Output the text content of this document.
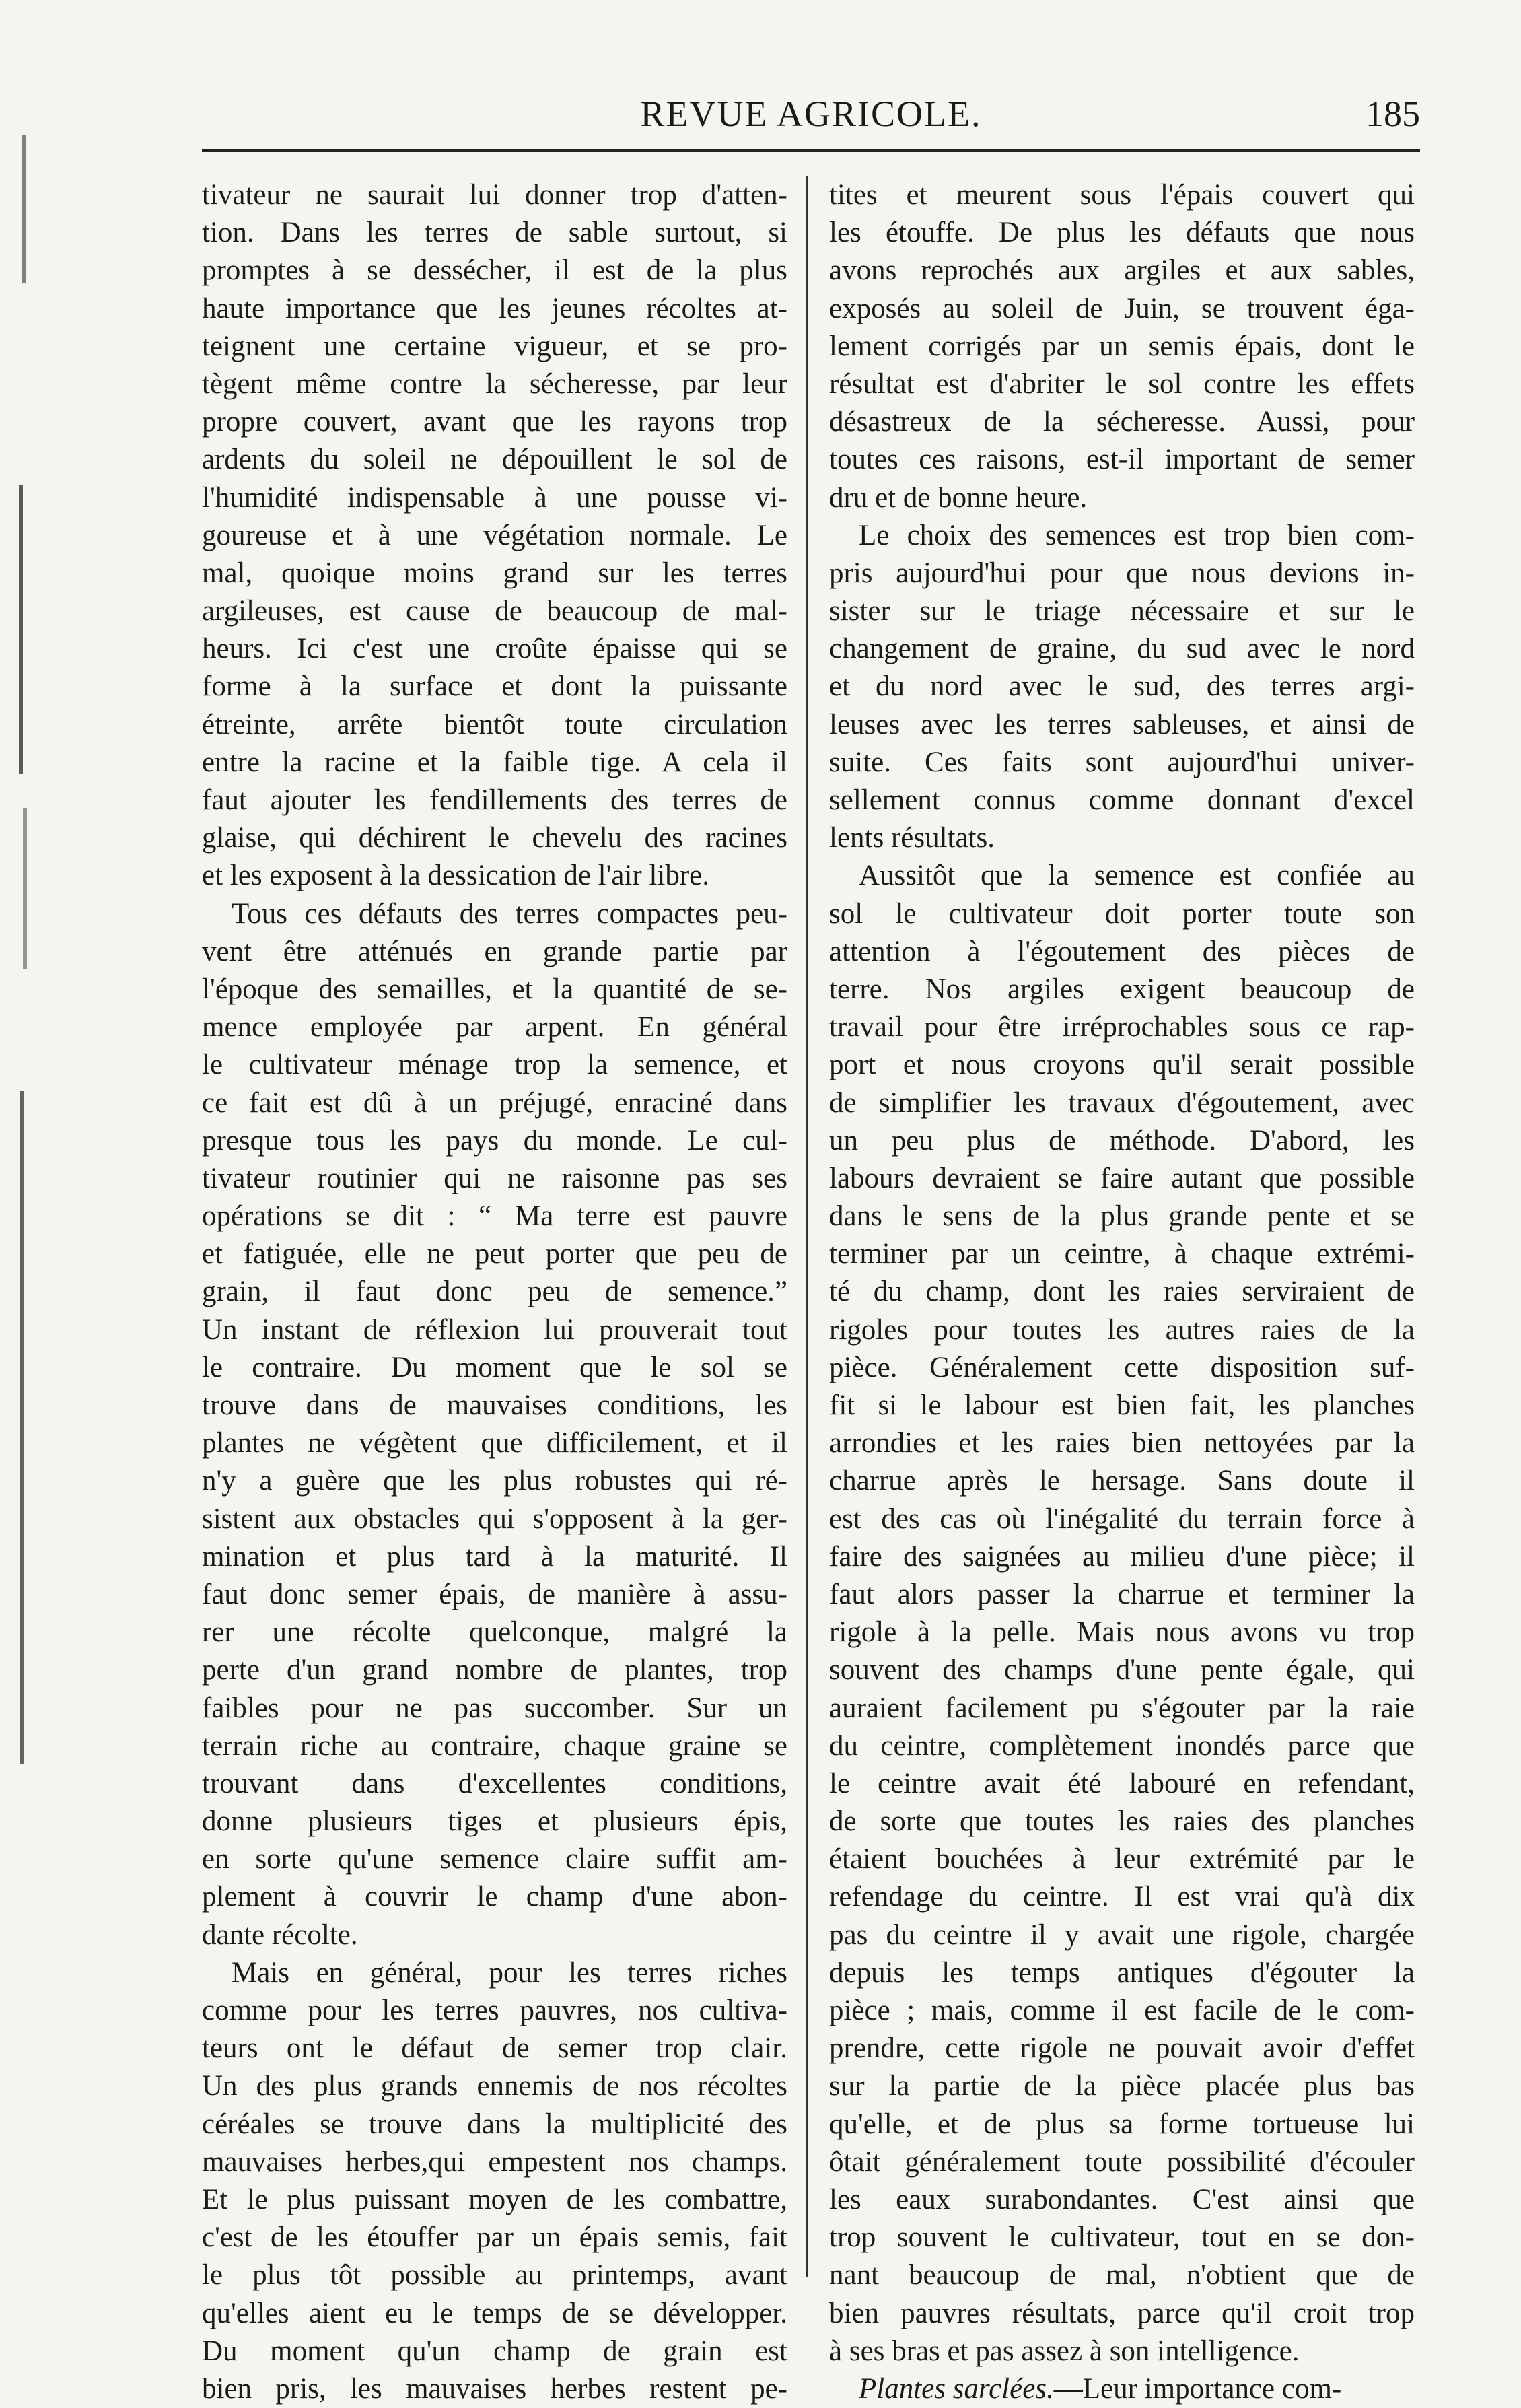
REVUE AGRICOLE.	185
tivateur ne saurait lui donner trop d'atten-
tion. Dans les terres de sable surtout, si
promptes à se dessécher, il est de la plus
haute importance que les jeunes récoltes at-
teignent une certaine vigueur, et se pro-
tègent même contre la sécheresse, par leur
propre couvert, avant que les rayons trop
ardents du soleil ne dépouillent le sol de
l'humidité indispensable à une pousse vi-
goureuse et à une végétation normale. Le
mal, quoique moins grand sur les terres
argileuses, est cause de beaucoup de mal-
heurs. Ici c'est une croûte épaisse qui se
forme à la surface et dont la puissante
étreinte, arrête bientôt toute circulation
entre la racine et la faible tige. A cela il
faut ajouter les fendillements des terres de
glaise, qui déchirent le chevelu des racines
et les exposent à la dessication de l'air libre.
Tous ces défauts des terres compactes peu-
vent être atténués en grande partie par
l'époque des semailles, et la quantité de se-
mence employée par arpent. En général
le cultivateur ménage trop la semence, et
ce fait est dû à un préjugé, enraciné dans
presque tous les pays du monde. Le cul-
tivateur routinier qui ne raisonne pas ses
opérations se dit : “ Ma terre est pauvre
et fatiguée, elle ne peut porter que peu de
grain, il faut donc peu de semence.”
Un instant de réflexion lui prouverait tout
le contraire. Du moment que le sol se
trouve dans de mauvaises conditions, les
plantes ne végètent que difficilement, et il
n'y a guère que les plus robustes qui ré-
sistent aux obstacles qui s'opposent à la ger-
mination et plus tard à la maturité. Il
faut donc semer épais, de manière à assu-
rer une récolte quelconque, malgré la
perte d'un grand nombre de plantes, trop
faibles pour ne pas succomber. Sur un
terrain riche au contraire, chaque graine se
trouvant dans d'excellentes conditions,
donne plusieurs tiges et plusieurs épis,
en sorte qu'une semence claire suffit am-
plement à couvrir le champ d'une abon-
dante récolte.
Mais en général, pour les terres riches
comme pour les terres pauvres, nos cultiva-
teurs ont le défaut de semer trop clair.
Un des plus grands ennemis de nos récoltes
céréales se trouve dans la multiplicité des
mauvaises herbes,qui empestent nos champs.
Et le plus puissant moyen de les combattre,
c'est de les étouffer par un épais semis, fait
le plus tôt possible au printemps, avant
qu'elles aient eu le temps de se développer.
Du moment qu'un champ de grain est
bien pris, les mauvaises herbes restent pe-
tites et meurent sous l'épais couvert qui
les étouffe. De plus les défauts que nous
avons reprochés aux argiles et aux sables,
exposés au soleil de Juin, se trouvent éga-
lement corrigés par un semis épais, dont le
résultat est d'abriter le sol contre les effets
désastreux de la sécheresse. Aussi, pour
toutes ces raisons, est-il important de semer
dru et de bonne heure.
Le choix des semences est trop bien com-
pris aujourd'hui pour que nous devions in-
sister sur le triage nécessaire et sur le
changement de graine, du sud avec le nord
et du nord avec le sud, des terres argi-
leuses avec les terres sableuses, et ainsi de
suite. Ces faits sont aujourd'hui univer-
sellement connus comme donnant d'excel
lents résultats.
Aussitôt que la semence est confiée au
sol le cultivateur doit porter toute son
attention à l'égoutement des pièces de
terre. Nos argiles exigent beaucoup de
travail pour être irréprochables sous ce rap-
port et nous croyons qu'il serait possible
de simplifier les travaux d'égoutement, avec
un peu plus de méthode. D'abord, les
labours devraient se faire autant que possible
dans le sens de la plus grande pente et se
terminer par un ceintre, à chaque extrémi-
té du champ, dont les raies serviraient de
rigoles pour toutes les autres raies de la
pièce. Généralement cette disposition suf-
fit si le labour est bien fait, les planches
arrondies et les raies bien nettoyées par la
charrue après le hersage. Sans doute il
est des cas où l'inégalité du terrain force à
faire des saignées au milieu d'une pièce; il
faut alors passer la charrue et terminer la
rigole à la pelle. Mais nous avons vu trop
souvent des champs d'une pente égale, qui
auraient facilement pu s'égouter par la raie
du ceintre, complètement inondés parce que
le ceintre avait été labouré en refendant,
de sorte que toutes les raies des planches
étaient bouchées à leur extrémité par le
refendage du ceintre. Il est vrai qu'à dix
pas du ceintre il y avait une rigole, chargée
depuis les temps antiques d'égouter la
pièce ; mais, comme il est facile de le com-
prendre, cette rigole ne pouvait avoir d'effet
sur la partie de la pièce placée plus bas
qu'elle, et de plus sa forme tortueuse lui
ôtait généralement toute possibilité d'écouler
les eaux surabondantes. C'est ainsi que
trop souvent le cultivateur, tout en se don-
nant beaucoup de mal, n'obtient que de
bien pauvres résultats, parce qu'il croit trop
à ses bras et pas assez à son intelligence.
Plantes sarclées.—Leur importance com-
